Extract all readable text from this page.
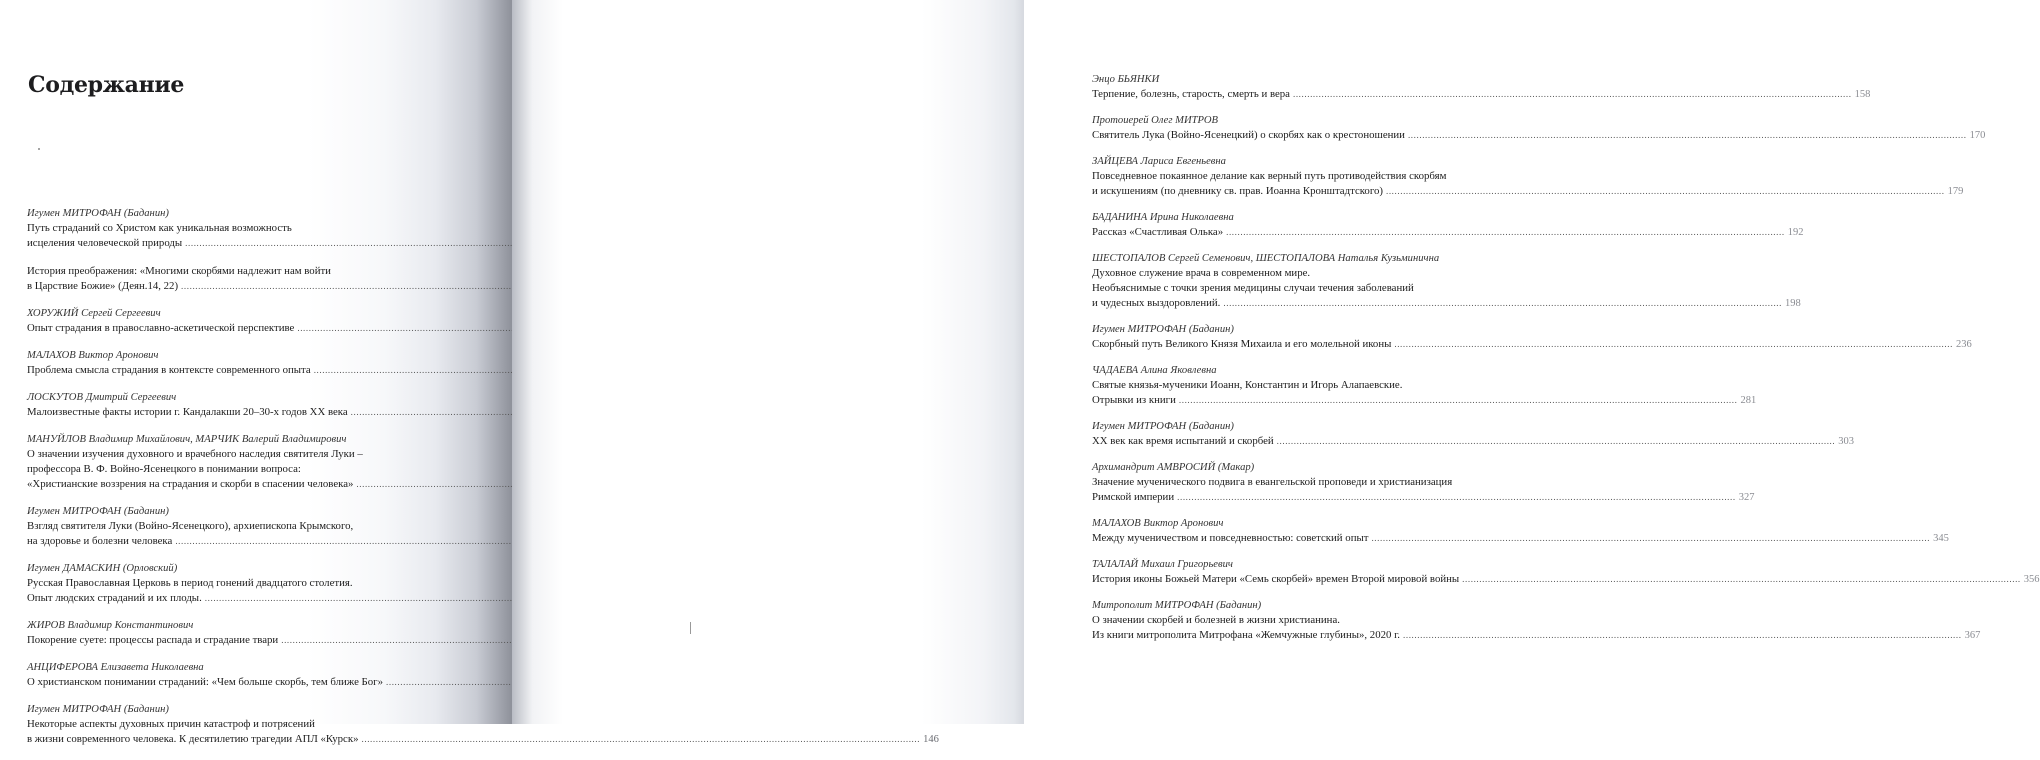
Содержание
Игумен МИТРОФАН (Баданин)
Путь страданий со Христом как уникальная возможность
исцеления человеческой природы
.....
История преображения: «Многими скорбями надлежит нам войти
в Царствие Божие» (Деян.14, 22)
.....
ХОРУЖИЙ Сергей Сергеевич
Опыт страдания в православно-аскетической перспективе
.....
МАЛАХОВ Виктор Аронович
Проблема смысла страдания в контексте современного опыта
.....
ЛОСКУТОВ Дмитрий Сергеевич
Малоизвестные факты истории г. Кандалакши 20–30-х годов XX века
.....
МАНУЙЛОВ Владимир Михайлович, МАРЧИК Валерий Владимирович
О значении изучения духовного и врачебного наследия святителя Луки –
профессора В. Ф. Войно-Ясенецкого в понимании вопроса:
«Христианские воззрения на страдания и скорби в спасении человека»
.....
Игумен МИТРОФАН (Баданин)
Взгляд святителя Луки (Войно-Ясенецкого), архиепископа Крымского,
на здоровье и болезни человека
.....
Игумен ДАМАСКИН (Орловский)
Русская Православная Церковь в период гонений двадцатого столетия.
Опыт людских страданий и их плоды.
.....
ЖИРОВ Владимир Константинович
Покорение суете: процессы распада и страдание твари
.....
АНЦИФЕРОВА Елизавета Николаевна
О христианском понимании страданий: «Чем больше скорбь, тем ближе Бог»
.....
Игумен МИТРОФАН (Баданин)
Некоторые аспекты духовных причин катастроф и потрясений
в жизни современного человека. К десятилетию трагедии АПЛ «Курск» .....	146
Энцо БЬЯНКИ
Терпение, болезнь, старость, смерть и вера .....	158
Протоиерей Олег МИТРОВ
Святитель Лука (Войно-Ясенецкий) о скорбях как о крестоношении .....	170
ЗАЙЦЕВА Лариса Евгеньевна
Повседневное покаянное делание как верный путь противодействия скорбям
и искушениям (по дневнику св. прав. Иоанна Кронштадтского) .....	179
БАДАНИНА Ирина Николаевна
Рассказ «Счастливая Олька» .....	192
ШЕСТОПАЛОВ Сергей Семенович, ШЕСТОПАЛОВА Наталья Кузьминична
Духовное служение врача в современном мире.
Необъяснимые с точки зрения медицины случаи течения заболеваний
и чудесных выздоровлений. .....	198
Игумен МИТРОФАН (Баданин)
Скорбный путь Великого Князя Михаила и его молельной иконы .....	236
ЧАДАЕВА Алина Яковлевна
Святые князья-мученики Иоанн, Константин и Игорь Алапаевские.
Отрывки из книги .....	281
Игумен МИТРОФАН (Баданин)
XX век как время испытаний и скорбей .....	303
Архимандрит АМВРОСИЙ (Макар)
Значение мученического подвига в евангельской проповеди и христианизация
Римской империи .....	327
МАЛАХОВ Виктор Аронович
Между мученичеством и повседневностью: советский опыт .....	345
ТАЛАЛАЙ Михаил Григорьевич
История иконы Божьей Матери «Семь скорбей» времен Второй мировой войны .....	356
Митрополит МИТРОФАН (Баданин)
О значении скорбей и болезней в жизни христианина.
Из книги митрополита Митрофана «Жемчужные глубины», 2020 г. .....	367
